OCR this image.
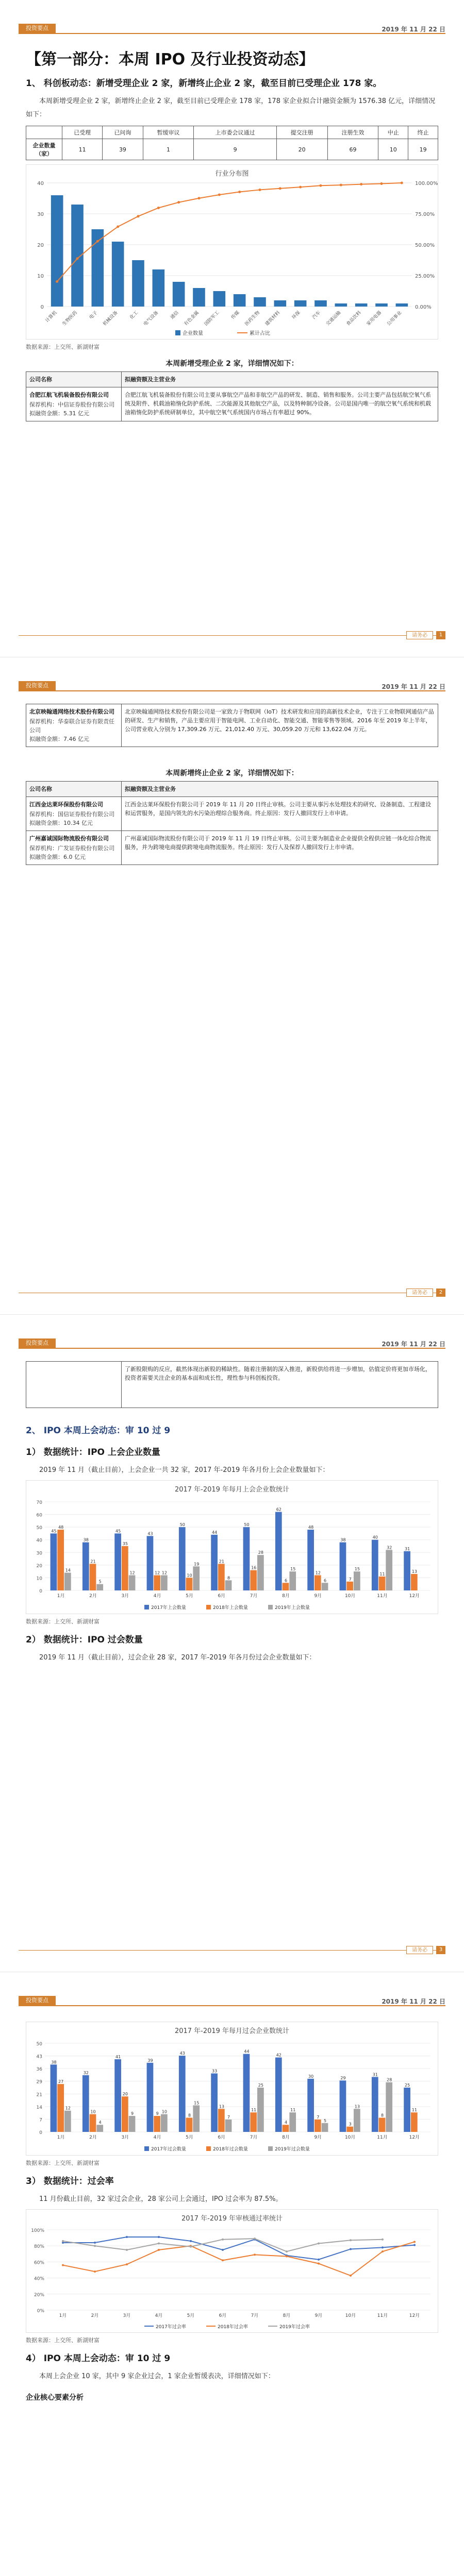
投资要点	2019 年 11 月 22 日
【第一部分：本周 IPO 及行业投资动态】
1、 科创板动态：新增受理企业 2 家，新增终止企业 2 家，截至目前已受理企业 178 家。
本周新增受理企业 2 家，新增终止企业 2 家，截至目前已受理企业 178 家，178 家企业拟合计融资金额为 1576.38 亿元，详细情况如下：
	已受理	已问询	暂缓审议	上市委会议通过	提交注册	注册生效	中止	终止
企业数量（家）	11	39	1	9	20	69	10	19
行业分布图
0	0.00%
10	25.00%
20	50.00%
30	75.00%
40	100.00%
计算机 生物医药 电子 机械设备 化工 电气设备 通信 有色金属 国防军工 传媒 医药生物 建筑材料 环保 汽车 交通运输 食品饮料 家用电器 公用事业
企业数量	累计占比
数据来源：上交所、新湖财富
本周新增受理企业 2 家，详细情况如下：
公司名称	拟融资额及主营业务

合肥江航飞机装备股份有限公司
保荐机构：中信证券股份有限公司
拟融资金额：5.31 亿元	合肥江航飞机装备股份有限公司主要从事航空产品和非航空产品的研发、制造、销售和服务。公司主要产品包括航空氧气系统及附件、机载油箱惰化防护系统、二次能源及其他航空产品，以及特种制冷设备。公司是国内唯一的航空氧气系统和机载油箱惰化防护系统研制单位，其中航空氧气系统国内市场占有率超过 90%。
请务必	1
投资要点	2019 年 11 月 22 日
北京映翰通网络技术股份有限公司
保荐机构：华泰联合证券有限责任公司
拟融资金额：7.46 亿元
	北京映翰通网络技术股份有限公司是一家致力于物联网（IoT）技术研发和应用的高新技术企业，专注于工业物联网通信产品的研发、生产和销售，产品主要应用于智能电网、工业自动化、智能交通、智能零售等领域。2016 年至 2019 年上半年，公司营业收入分别为 17,309.26 万元、21,012.40 万元、30,059.20 万元和 13,622.04 万元。
本周新增终止企业 2 家，详细情况如下：
公司名称	拟融资额及主营业务

江西金达莱环保股份有限公司
保荐机构：国信证券股份有限公司
拟融资金额：10.34 亿元	江西金达莱环保股份有限公司于 2019 年 11 月 20 日终止审核。公司主要从事污水处理技术的研究、设备制造、工程建设和运营服务，是国内领先的水污染治理综合服务商。终止原因：发行人撤回发行上市申请。

广州嘉诚国际物流股份有限公司
保荐机构：广发证券股份有限公司
拟融资金额：6.0 亿元	广州嘉诚国际物流股份有限公司于 2019 年 11 月 19 日终止审核。公司主要为制造业企业提供全程供应链一体化综合物流服务，并为跨境电商提供跨境电商物流服务。终止原因：发行人及保荐人撤回发行上市申请。
请务必	2
投资要点	2019 年 11 月 22 日
	了新股限购的反应，截然体现出新股的稀缺性。随着注册制的深入推进，新股供给将进一步增加，估值定价将更加市场化，投资者需要关注企业的基本面和成长性，理性参与科创板投资。
2、 IPO 本周上会动态：审 10 过 9
1） 数据统计：IPO 上会企业数量
2019 年 11 月（截止目前），上会企业一共 32 家，2017 年-2019 年各月份上会企业数量如下：
2017 年-2019 年每月上会企业数统计
0
10
20
30
40
50
60
70
45
48
14
1月
38
21
5
2月
45
35
12
3月
43
12 12
4月
50
10
19
5月
44
21
8
6月
50
16
28
7月
62
6
15
8月
48
12
6
9月
38
7
15
10月
40
11
32
11月
31
13
12月
2017年上会数量	2018年上会数量	2019年上会数量
数据来源：上交所、新湖财富
2） 数据统计：IPO 过会数量
2019 年 11 月（截止目前），过会企业 28 家，2017 年-2019 年各月份过会企业数量如下：
请务必	3
投资要点	2019 年 11 月 22 日
2017 年-2019 年每月过会企业数统计
0
7
14
21
29
36
43
50
38
27
12
1月
32
10
4
2月
41
20
9
3月
39
9 10
4月
43
8
15
5月
33
13
7
6月
44
11
25
7月
42
4
11
8月
30
7
5
9月
29
3
13
10月
31
8
28
11月
25
11
12月
2017年过会数量	2018年过会数量	2019年过会数量
数据来源：上交所、新湖财富
3） 数据统计：过会率
11 月份截止目前，32 家过会企业，28 家公司上会通过，IPO 过会率为 87.5%。
2017 年-2019 年审核通过率统计
0%
20%
40%
60%
80%
100%
1月	2月	3月	4月	5月	6月	7月	8月	9月	10月	11月	12月
2017年过会率	2018年过会率	2019年过会率
数据来源：上交所、新湖财富
4） IPO 本周上会动态：审 10 过 9
本周上会企业 10 家，其中 9 家企业过会，1 家企业暂缓表决，详细情况如下：
企业核心要素分析
